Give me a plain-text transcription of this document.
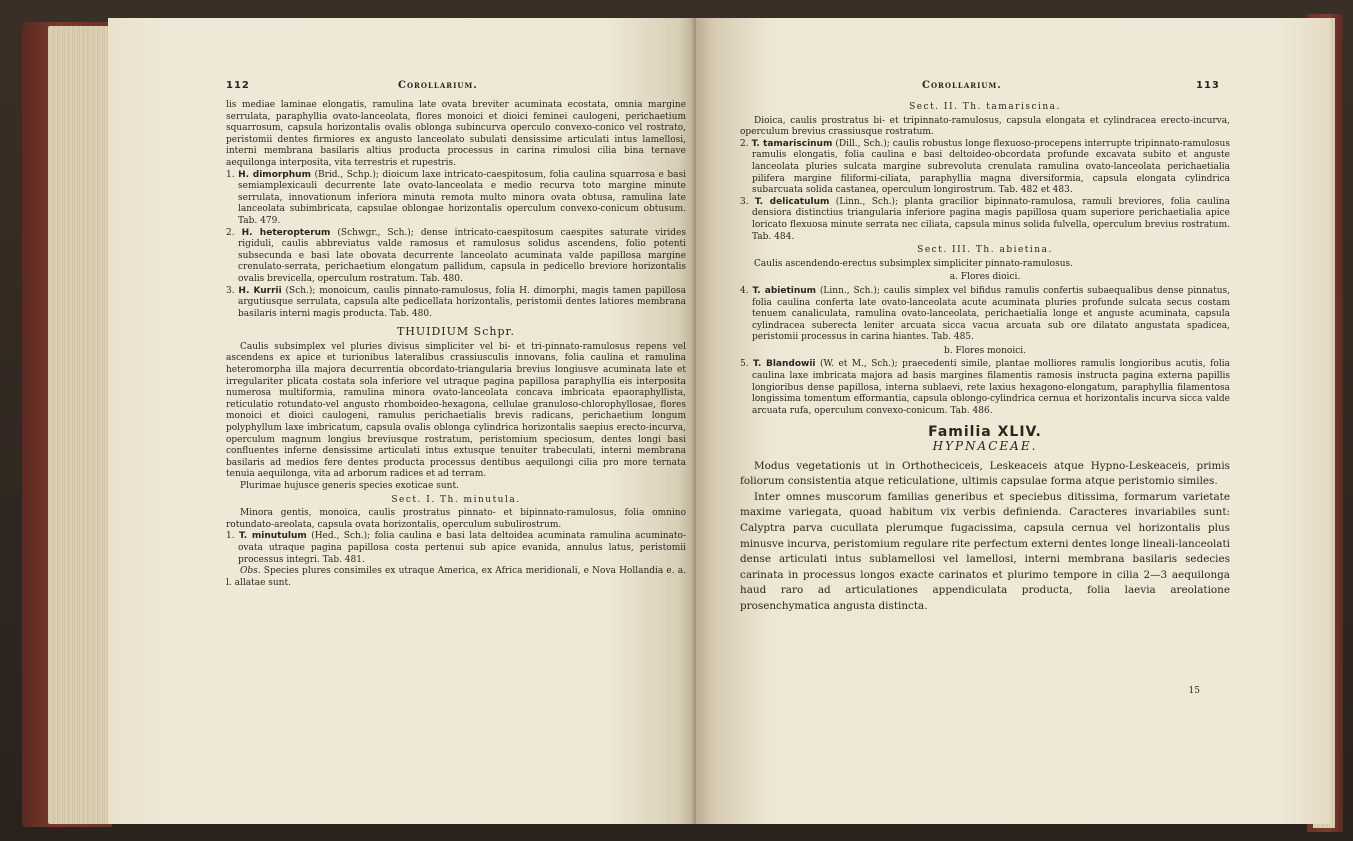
112	Corollarium.

lis mediae laminae elongatis, ramulina late ovata breviter acuminata ecostata, omnia margine serrulata, paraphyllia ovato-lanceolata, flores monoici et dioici feminei caulogeni, perichaetium squarrosum, capsula horizontalis ovalis oblonga subincurva operculo convexo-conico vel rostrato, peristomii dentes firmiores ex angusto lanceolato subulati densissime articulati intus lamellosi, interni membrana basilaris altius producta processus in carina rimulosi cilia bina ternave aequilonga interposita, vita terrestris et rupestris.

1. H. dimorphum (Brid., Schp.); dioicum laxe intricato-caespitosum, folia caulina squarrosa e basi semiamplexicauli decurrente late ovato-lanceolata e medio recurva toto margine minute serrulata, innovationum inferiora minuta remota multo minora ovata obtusa, ramulina late lanceolata subimbricata, capsulae oblongae horizontalis operculum convexo-conicum obtusum. Tab. 479.

2. H. heteropterum (Schwgr., Sch.); dense intricato-caespitosum caespites saturate virides rigiduli, caulis abbreviatus valde ramosus et ramulosus solidus ascendens, folio potenti subsecunda e basi late obovata decurrente lanceolato acuminata valde papillosa margine crenulato-serrata, perichaetium elongatum pallidum, capsula in pedicello breviore horizontalis ovalis brevicella, operculum rostratum. Tab. 480.

3. H. Kurrii (Sch.); monoicum, caulis pinnato-ramulosus, folia H. dimorphi, magis tamen papillosa argutiusque serrulata, capsula alte pedicellata horizontalis, peristomii dentes latiores membrana basilaris interni magis producta. Tab. 480.

THUIDIUM Schpr.

Caulis subsimplex vel pluries divisus simpliciter vel bi- et tri-pinnato-ramulosus repens vel ascendens ex apice et turionibus lateralibus crassiusculis innovans, folia caulina et ramulina heteromorpha illa majora decurrentia obcordato-triangularia brevius longiusve acuminata late et irregulariter plicata costata sola inferiore vel utraque pagina papillosa paraphyllia eis interposita numerosa multiformia, ramulina minora ovato-lanceolata concava imbricata epaoraphyllista, reticulatio rotundato-vel angusto rhomboideo-hexagona, cellulae granuloso-chlorophyllosae, flores monoici et dioici caulogeni, ramulus perichaetialis brevis radicans, perichaetium longum polyphyllum laxe imbricatum, capsula ovalis oblonga cylindrica horizontalis saepius erecto-incurva, operculum magnum longius breviusque rostratum, peristomium speciosum, dentes longi basi confluentes inferne densissime articulati intus extusque tenuiter trabeculati, interni membrana basilaris ad medios fere dentes producta processus dentibus aequilongi cilia pro more ternata tenuia aequilonga, vita ad arborum radices et ad terram.

Plurimae hujusce generis species exoticae sunt.

Sect. I. Th. minutula.

Minora gentis, monoica, caulis prostratus pinnato- et bipinnato-ramulosus, folia omnino rotundato-areolata, capsula ovata horizontalis, operculum subulirostrum.

1. T. minutulum (Hed., Sch.); folia caulina e basi lata deltoidea acuminata ramulina acuminato-ovata utraque pagina papillosa costa pertenui sub apice evanida, annulus latus, peristomii processus integri. Tab. 481.

Obs. Species plures consimiles ex utraque America, ex Africa meridionali, e Nova Hollandia e. a. l. allatae sunt.

Corollarium.	113
Sect. II. Th. tamariscina.

Dioica, caulis prostratus bi- et tripinnato-ramulosus, capsula elongata et cylindracea erecto-incurva, operculum brevius crassiusque rostratum.

2. T. tamariscinum (Dill., Sch.); caulis robustus longe flexuoso-procepens interrupte tripinnato-ramulosus ramulis elongatis, folia caulina e basi deltoideo-obcordata profunde excavata subito et anguste lanceolata pluries sulcata margine subrevoluta crenulata ramulina ovato-lanceolata perichaetialia pilifera margine filiformi-ciliata, paraphyllia magna diversiformia, capsula elongata cylindrica subarcuata solida castanea, operculum longirostrum. Tab. 482 et 483.

3. T. delicatulum (Linn., Sch.); planta gracilior bipinnato-ramulosa, ramuli breviores, folia caulina densiora distinctius triangularia inferiore pagina magis papillosa quam superiore perichaetialia apice loricato flexuosa minute serrata nec ciliata, capsula minus solida fulvella, operculum brevius rostratum. Tab. 484.

Sect. III. Th. abietina.

Caulis ascendendo-erectus subsimplex simpliciter pinnato-ramulosus.

a. Flores dioici.

4. T. abietinum (Linn., Sch.); caulis simplex vel bifidus ramulis confertis subaequalibus dense pinnatus, folia caulina conferta late ovato-lanceolata acute acuminata pluries profunde sulcata secus costam tenuem canaliculata, ramulina ovato-lanceolata, perichaetialia longe et anguste acuminata, capsula cylindracea suberecta leniter arcuata sicca vacua arcuata sub ore dilatato angustata spadicea, peristomii processus in carina hiantes. Tab. 485.

b. Flores monoici.

5. T. Blandowii (W. et M., Sch.); praecedenti simile, plantae molliores ramulis longioribus acutis, folia caulina laxe imbricata majora ad basis margines filamentis ramosis instructa pagina externa papillis longioribus dense papillosa, interna sublaevi, rete laxius hexagono-elongatum, paraphyllia filamentosa longissima tomentum efformantia, capsula oblongo-cylindrica cernua et horizontalis incurva sicca valde arcuata rufa, operculum convexo-conicum. Tab. 486.

Familia XLIV.
HYPNACEAE.

Modus vegetationis ut in Orthotheciceis, Leskeaceis atque Hypno-Leskeaceis, primis foliorum consistentia atque reticulatione, ultimis capsulae forma atque peristomio similes.

Inter omnes muscorum familias generibus et speciebus ditissima, formarum varietate maxime variegata, quoad habitum vix verbis definienda. Caracteres invariabiles sunt: Calyptra parva cucullata plerumque fugacissima, capsula cernua vel horizontalis plus minusve incurva, peristomium regulare rite perfectum externi dentes longe lineali-lanceolati dense articulati intus sublamellosi vel lamellosi, interni membrana basilaris sedecies carinata in processus longos exacte carinatos et plurimo tempore in cilia 2—3 aequilonga haud raro ad articulationes appendiculata producta, folia laevia areolatione prosenchymatica angusta distincta.

15
